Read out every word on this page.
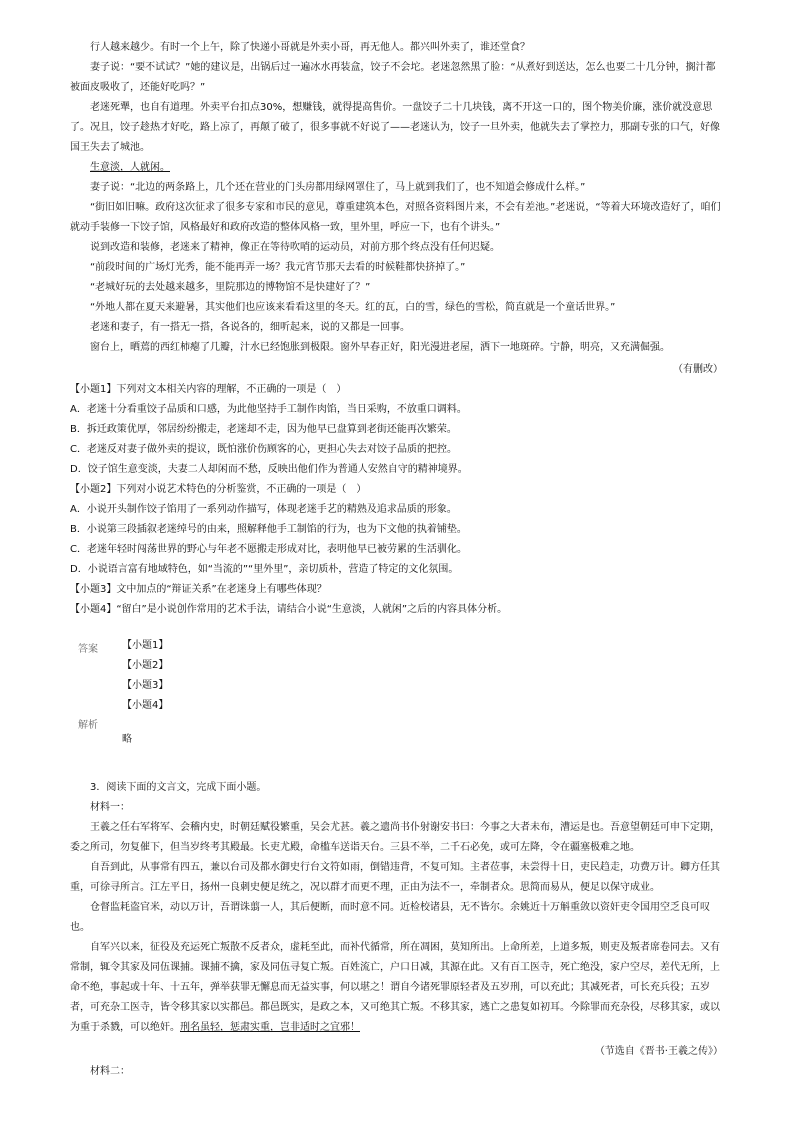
行人越来越少。有时一个上午，除了快递小哥就是外卖小哥，再无他人。都兴叫外卖了，谁还堂食？

妻子说：“要不试试？”她的建议是，出锅后过一遍冰水再装盒，饺子不会坨。老迷忽然黑了脸：“从煮好到送达，怎么也要二十几分钟，搁汁都被面皮吸收了，还能好吃吗？”

老迷死犟，也自有道理。外卖平台扣点30%，想赚钱，就得提高售价。一盘饺子二十几块钱，离不开这一口的，图个物美价廉，涨价就没意思了。况且，饺子趁热才好吃，路上凉了，再颠了破了，很多事就不好说了——老迷认为，饺子一旦外卖，他就失去了掌控力，那副专张的口气，好像国王失去了城池。

生意淡，人就闲。

妻子说：“北边的两条路上，几个还在营业的门头房都用绿网罩住了，马上就到我们了，也不知道会修成什么样。”

“街旧如旧嘛。政府这次征求了很多专家和市民的意见，尊重建筑本色，对照各资料图片来，不会有差池。”老迷说，“等着大环境改造好了，咱们就动手装修一下饺子馆，风格最好和政府改造的整体风格一致，里外里，呼应一下，也有个讲头。”

说到改造和装修，老迷来了精神，像正在等待吹哨的运动员，对前方那个终点没有任何迟疑。

“前段时间的广场灯光秀，能不能再弄一场？我元宵节那天去看的时候鞋都快挤掉了。”

“老城好玩的去处越来越多，里院那边的博物馆不是快建好了？”

“外地人都在夏天来避暑，其实他们也应该来看看这里的冬天。红的瓦，白的雪，绿色的雪松，简直就是一个童话世界。”

老迷和妻子，有一搭无一搭，各说各的，细听起来，说的又都是一回事。

窗台上，晒蔫的西红柿瘪了几瓣，汁水已经饱胀到极限。窗外早春正好，阳光漫进老屋，洒下一地斑碎。宁静，明亮，又充满倔强。

（有删改）

【小题1】下列对文本相关内容的理解，不正确的一项是（　）

A．老迷十分看重饺子品质和口感，为此他坚持手工制作肉馅，当日采购，不放重口调料。

B．拆迁政策优厚，邻居纷纷搬走，老迷却不走，因为他早已盘算到老街还能再次繁荣。

C．老迷反对妻子做外卖的提议，既怕涨价伤顾客的心，更担心失去对饺子品质的把控。

D．饺子馆生意变淡，夫妻二人却闲而不愁，反映出他们作为普通人安然自守的精神境界。

【小题2】下列对小说艺术特色的分析鉴赏，不正确的一项是（　）

A．小说开头制作饺子馅用了一系列动作描写，体现老迷手艺的精熟及追求品质的形象。

B．小说第三段插叙老迷绰号的由来，照解释他手工制馅的行为，也为下文他的执着铺垫。

C．老迷年轻时闯荡世界的野心与年老不愿搬走形成对比，表明他早已被劳累的生活驯化。

D．小说语言富有地域特色，如“当流的”“里外里”，亲切质朴，营造了特定的文化氛围。

【小题3】文中加点的“辩证关系”在老迷身上有哪些体现？

【小题4】“留白”是小说创作常用的艺术手法，请结合小说“生意淡，人就闲”之后的内容具体分析。

答案 【小题1】
【小题2】
【小题3】
【小题4】
解析
略

3．阅读下面的文言文，完成下面小题。

材料一：

王羲之任右军将军、会稽内史，时朝廷赋役繁重，吴会尤甚。羲之遗尚书仆射谢安书曰：今事之大者未布，漕运是也。吾意望朝廷可申下定期，委之所司，勿复催下，但当岁终考其殿最。长吏尤殿，命槛车送诣天台。三县不举，二千石必免，或可左降，令在疆塞极难之地。

自吾到此，从事常有四五，兼以台司及都水御史行台文符如雨，倒错违背，不复可知。主者莅事，未尝得十日，吏民趋走，功费万计。卿方任其重，可徐寻所言。江左平日，扬州一良刺史便足统之，况以群才而更不理，正由为法不一，牵制者众。思简而易从，便足以保守成业。

仓督监耗盗官米，动以万计，吾谓诛翦一人，其后便断，而时意不同。近检校诸县，无不皆尔。余姚近十万斛重敛以资奸吏令国用空乏良可叹也。

自军兴以来，征役及充运死亡叛散不反者众，虚耗至此，而补代循常，所在凋困，莫知所出。上命所差，上道多叛，则吏及叛者席卷同去。又有常制，辄令其家及同伍课捕。课捕不擒，家及同伍寻复亡叛。百姓流亡，户口日减，其源在此。又有百工医寺，死亡绝没，家户空尽，差代无所，上命不绝，事起或十年、十五年，弹举获罪无懈息而无益实事，何以堪之！谓自今诸死罪原轻者及五岁刑，可以充此；其减死者，可长充兵役；五岁者，可充杂工医寺，皆令移其家以实都邑。都邑既实，是政之本，又可绝其亡叛。不移其家，逃亡之患复如初耳。今除罪而充杂役，尽移其家，或以为重于杀戮，可以绝奸。刑名虽轻，惩肃实重，岂非适时之宜邪！

（节选自《晋书·王羲之传》）

材料二：
